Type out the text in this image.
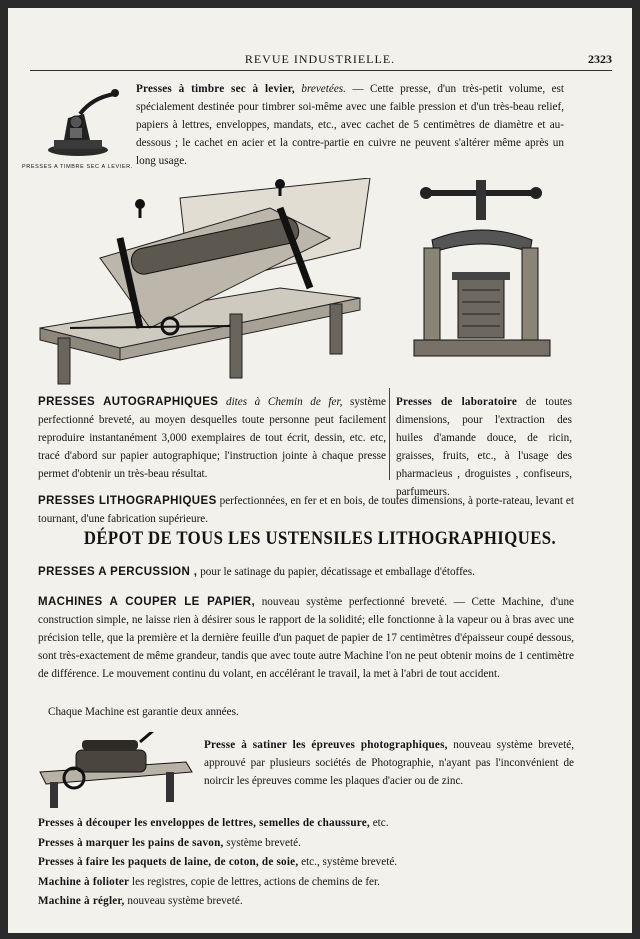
REVUE INDUSTRIELLE.	2323
PRESSES A TIMBRE SEC A LEVIER.
Presses à timbre sec à levier, brevetées. — Cette presse, d'un très-petit volume, est spécialement destinée pour timbrer soi-même avec une faible pression et d'un très-beau relief, papiers à lettres, enveloppes, mandats, etc., avec cachet de 5 centimètres de diamètre et au-dessous ; le cachet en acier et la contre-partie en cuivre ne peuvent s'altérer même après un long usage.
PRESSES AUTOGRAPHIQUES dites à Chemin de fer, système perfectionné breveté, au moyen desquelles toute personne peut facilement reproduire instantanément 3,000 exemplaires de tout écrit, dessin, etc. etc, tracé d'abord sur papier autographique; l'instruction jointe à chaque presse permet d'obtenir un très-beau résultat.
Presses de laboratoire de toutes dimensions, pour l'extraction des huiles d'amande douce, de ricin, graisses, fruits, etc., à l'usage des pharmacieus , droguistes , confiseurs, parfumeurs.
PRESSES LITHOGRAPHIQUES perfectionnées, en fer et en bois, de toutes dimensions, à porte-rateau, levant et tournant, d'une fabrication supérieure.
DÉPOT DE TOUS LES USTENSILES LITHOGRAPHIQUES.
PRESSES A PERCUSSION , pour le satinage du papier, décatissage et emballage d'étoffes.
MACHINES A COUPER LE PAPIER, nouveau système perfectionné breveté. — Cette Machine, d'une construction simple, ne laisse rien à désirer sous le rapport de la solidité; elle fonctionne à la vapeur ou à bras avec une précision telle, que la première et la dernière feuille d'un paquet de papier de 17 centimètres d'épaisseur coupé dessous, sont très-exactement de même grandeur, tandis que avec toute autre Machine l'on ne peut obtenir moins de 1 centimètre de différence. Le mouvement continu du volant, en accélérant le travail, la met à l'abri de tout accident.
Chaque Machine est garantie deux années.
Presse à satiner les épreuves photographiques, nouveau système breveté, approuvé par plusieurs sociétés de Photographie, n'ayant pas l'inconvénient de noircir les épreuves comme les plaques d'acier ou de zinc.
Presses à découper les enveloppes de lettres, semelles de chaussure, etc.
Presses à marquer les pains de savon, système breveté.
Presses à faire les paquets de laine, de coton, de soie, etc., système breveté.
Machine à folioter les registres, copie de lettres, actions de chemins de fer.
Machine à régler, nouveau système breveté.
